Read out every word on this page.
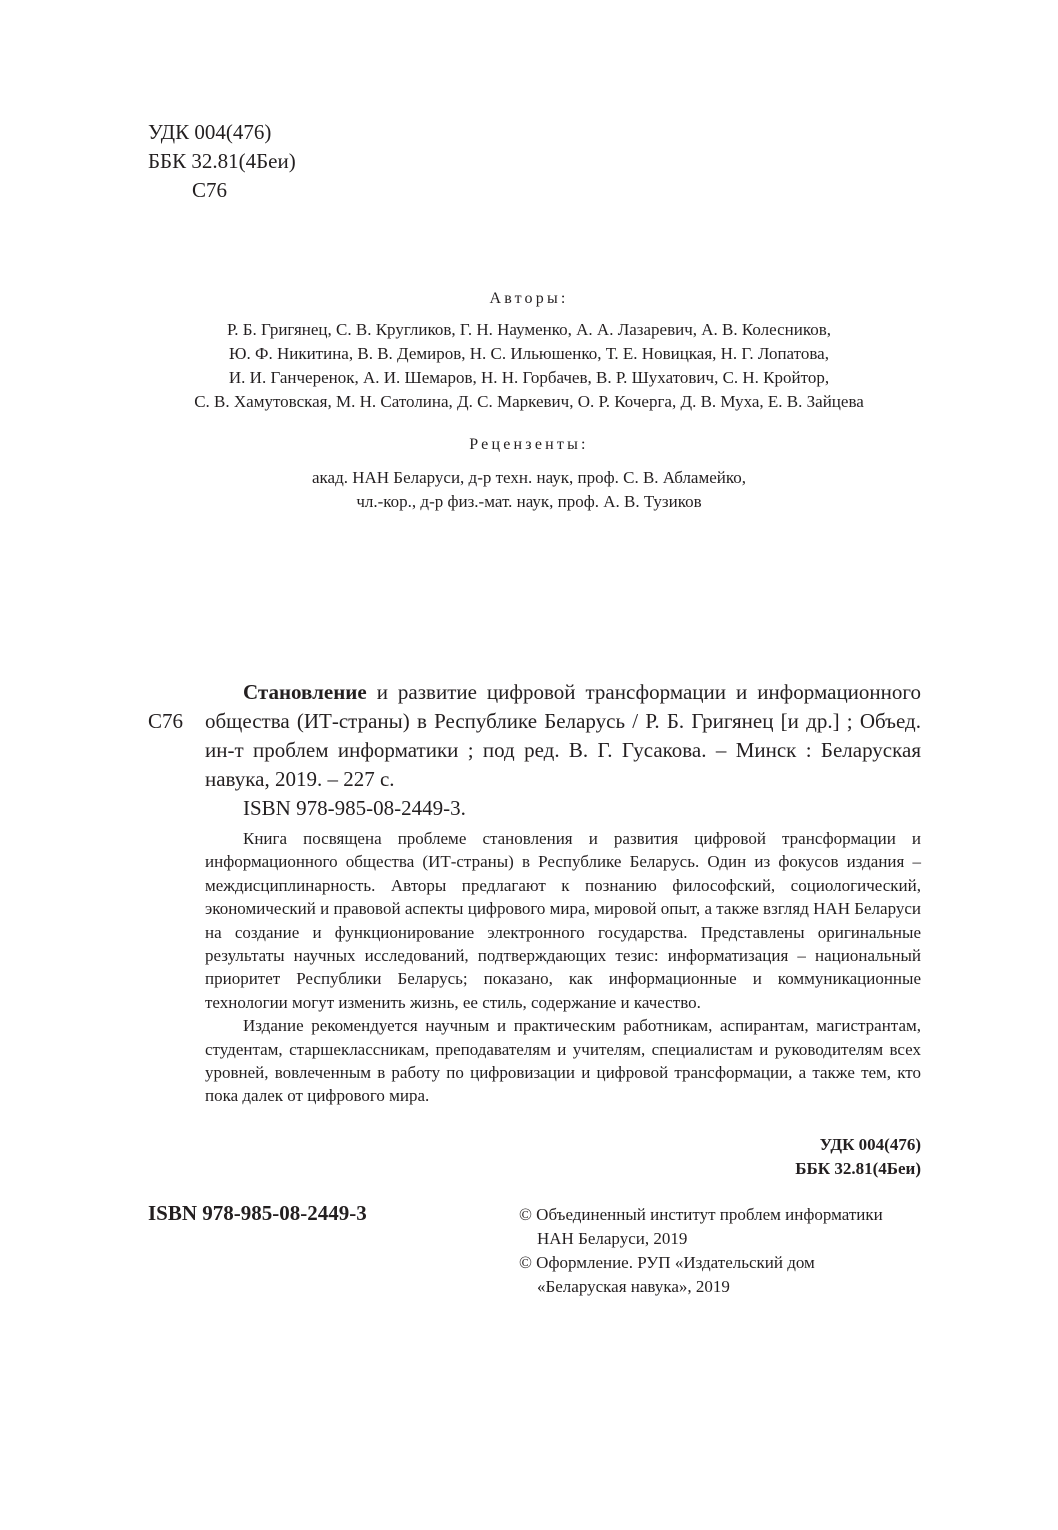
УДК 004(476)
ББК 32.81(4Беи)
С76
Авторы:
Р. Б. Григянец, С. В. Кругликов, Г. Н. Науменко, А. А. Лазаревич, А. В. Колесников,
Ю. Ф. Никитина, В. В. Демиров, Н. С. Ильюшенко, Т. Е. Новицкая, Н. Г. Лопатова,
И. И. Ганчеренок, А. И. Шемаров, Н. Н. Горбачев, В. Р. Шухатович, С. Н. Кройтор,
С. В. Хамутовская, М. Н. Сатолина, Д. С. Маркевич, О. Р. Кочерга, Д. В. Муха, Е. В. Зайцева
Рецензенты:
акад. НАН Беларуси, д-р техн. наук, проф. С. В. Абламейко,
чл.-кор., д-р физ.-мат. наук, проф. А. В. Тузиков
С76

Становление и развитие цифровой трансформации и информационного общества (ИТ-страны) в Республике Беларусь / Р. Б. Григянец [и др.] ; Объед. ин-т проблем информатики ; под ред. В. Г. Гусакова. – Минск : Беларуская навука, 2019. – 227 с.

ISBN 978-985-08-2449-3.

Книга посвящена проблеме становления и развития цифровой трансформации и информационного общества (ИТ-страны) в Республике Беларусь. Один из фокусов издания – междисциплинарность. Авторы предлагают к познанию философский, социологический, экономический и правовой аспекты цифрового мира, мировой опыт, а также взгляд НАН Беларуси на создание и функционирование электронного государства. Представлены оригинальные результаты научных исследований, подтверждающих тезис: информатизация – национальный приоритет Республики Беларусь; показано, как информационные и коммуникационные технологии могут изменить жизнь, ее стиль, содержание и качество.

Издание рекомендуется научным и практическим работникам, аспирантам, магистрантам, студентам, старшеклассникам, преподавателям и учителям, специалистам и руководителям всех уровней, вовлеченным в работу по цифровизации и цифровой трансформации, а также тем, кто пока далек от цифрового мира.

УДК 004(476)
ББК 32.81(4Беи)
ISBN 978-985-08-2449-3	© Объединенный институт проблем информатики
НАН Беларуси, 2019
© Оформление. РУП «Издательский дом
«Беларуская навука», 2019
